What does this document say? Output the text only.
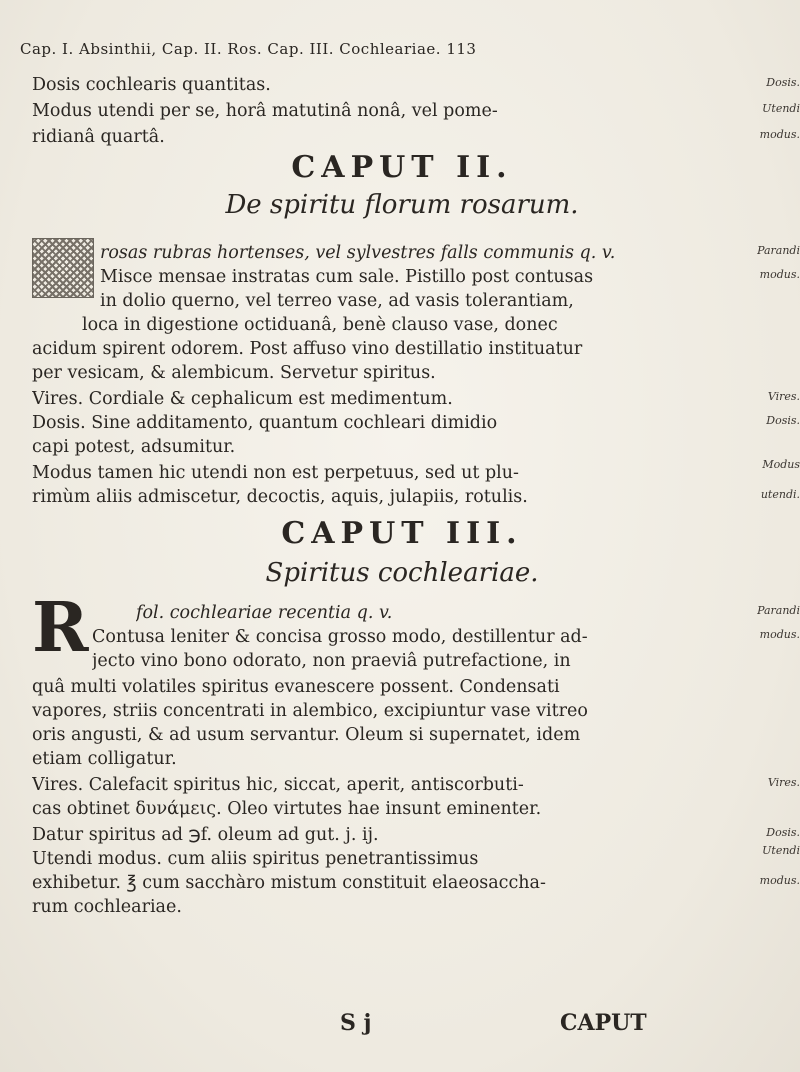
Cap. I. Absinthii, Cap. II. Ros. Cap. III. Cochleariae. 113
Dosis cochlearis quantitas.	Dosis.
Modus utendi per se, horâ matutinâ nonâ, vel pome-	Utendi
ridianâ quartâ.	modus.
CAPUT II.
De spiritu florum rosarum.
rosas rubras hortenses, vel sylvestres falls communis q. v.	Parandi
Misce mensae instratas cum sale. Pistillo post contusas	modus.
in dolio querno, vel terreo vase, ad vasis tolerantiam,
loca in digestione octiduanâ, benè clauso vase, donec
acidum spirent odorem. Post affuso vino destillatio instituatur
per vesicam, & alembicum. Servetur spiritus.
Vires. Cordiale & cephalicum est medimentum.	Vires.
Dosis. Sine additamento, quantum cochleari dimidio	Dosis.
capi potest, adsumitur.
Modus tamen hic utendi non est perpetuus, sed ut plu-	Modus
rimùm aliis admiscetur, decoctis, aquis, julapiis, rotulis.	utendi.
CAPUT III.
Spiritus cochleariae.
R	fol. cochleariae recentia q. v.	Parandi
Contusa leniter & concisa grosso modo, destillentur ad-	modus.
jecto vino bono odorato, non praeviâ putrefactione, in
quâ multi volatiles spiritus evanescere possent. Condensati
vapores, striis concentrati in alembico, excipiuntur vase vitreo
oris angusti, & ad usum servantur. Oleum si supernatet, idem
etiam colligatur.
Vires. Calefacit spiritus hic, siccat, aperit, antiscorbuti-	Vires.
cas obtinet δυνάμεις. Oleo virtutes hae insunt eminenter.
Datur spiritus ad ℈f. oleum ad gut. j. ij.	Dosis.
Utendi modus. cum aliis spiritus penetrantissimus	Utendi
exhibetur. ℥ cum sacchàro mistum constituit elaeosaccha-	modus.
rum cochleariae.
S j	CAPUT
